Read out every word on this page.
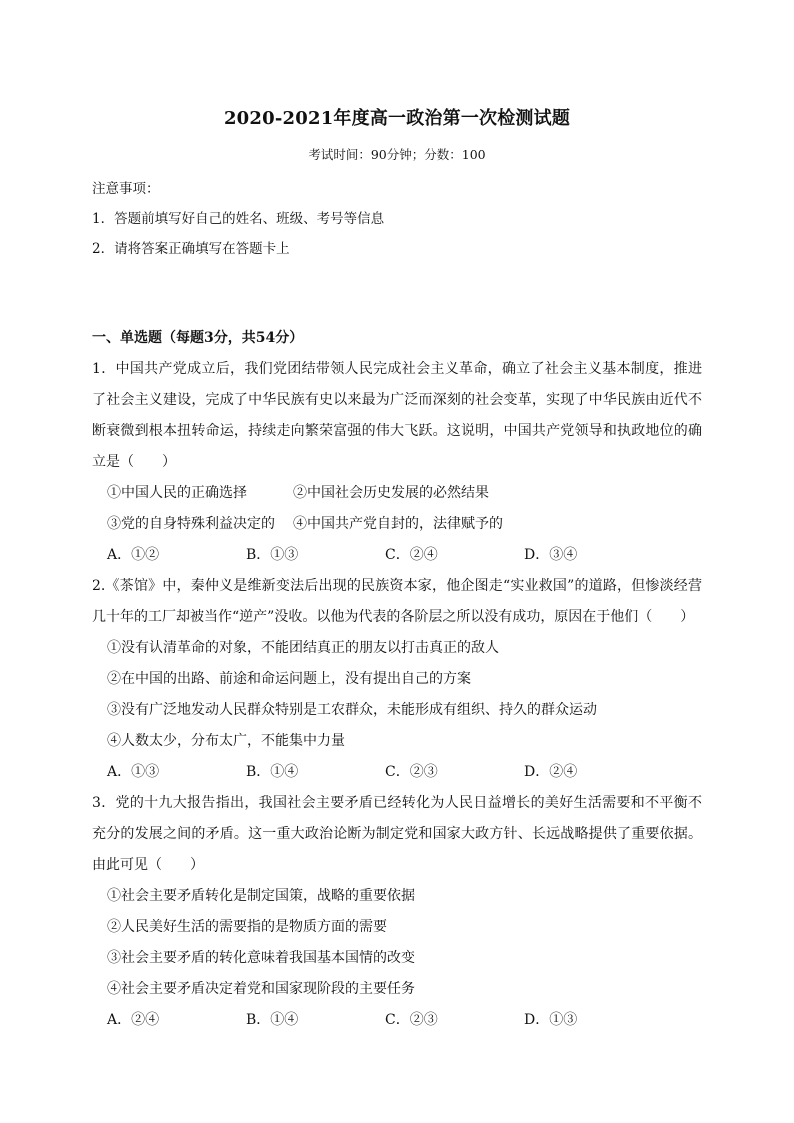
2020-2021年度高一政治第一次检测试题
考试时间：90分钟；分数：100
注意事项：
1．答题前填写好自己的姓名、班级、考号等信息
2．请将答案正确填写在答题卡上
一、单选题（每题3分，共54分）
1．中国共产党成立后，我们党团结带领人民完成社会主义革命，确立了社会主义基本制度，推进了社会主义建设，完成了中华民族有史以来最为广泛而深刻的社会变革，实现了中华民族由近代不断衰微到根本扭转命运，持续走向繁荣富强的伟大飞跃。这说明，中国共产党领导和执政地位的确立是（　　）
①中国人民的正确选择	②中国社会历史发展的必然结果
③党的自身特殊利益决定的	④中国共产党自封的，法律赋予的
A．①②	B．①③	C．②④	D．③④
2.《茶馆》中，秦仲义是维新变法后出现的民族资本家，他企图走“实业救国”的道路，但惨淡经营几十年的工厂却被当作“逆产”没收。以他为代表的各阶层之所以没有成功，原因在于他们（　　）
①没有认清革命的对象，不能团结真正的朋友以打击真正的敌人
②在中国的出路、前途和命运问题上，没有提出自己的方案
③没有广泛地发动人民群众特别是工农群众，未能形成有组织、持久的群众运动
④人数太少，分布太广，不能集中力量
A．①③	B．①④	C．②③	D．②④
3．党的十九大报告指出，我国社会主要矛盾已经转化为人民日益增长的美好生活需要和不平衡不充分的发展之间的矛盾。这一重大政治论断为制定党和国家大政方针、长远战略提供了重要依据。由此可见（　　）
①社会主要矛盾转化是制定国策，战略的重要依据
②人民美好生活的需要指的是物质方面的需要
③社会主要矛盾的转化意味着我国基本国情的改变
④社会主要矛盾决定着党和国家现阶段的主要任务
A．②④	B．①④	C．②③	D．①③
